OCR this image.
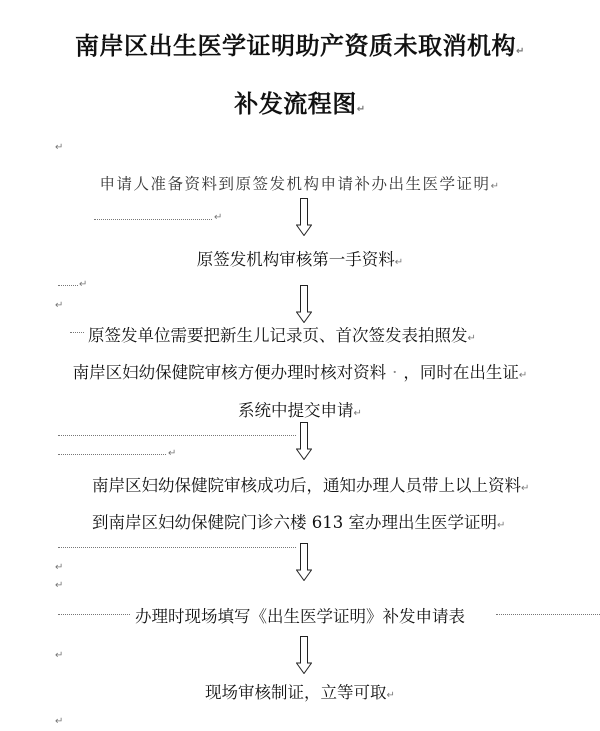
南岸区出生医学证明助产资质未取消机构↵
补发流程图↵
↵
申请人准备资料到原签发机构申请补办出生医学证明↵
↵
原签发机构审核第一手资料↵
↵
↵
原签发单位需要把新生儿记录页、首次签发表拍照发↵
南岸区妇幼保健院审核方便办理时核对资料 · ，同时在出生证↵
系统中提交申请↵
↵
南岸区妇幼保健院审核成功后，通知办理人员带上以上资料↵
到南岸区妇幼保健院门诊六楼 613 室办理出生医学证明↵
↵
↵
办理时现场填写《出生医学证明》补发申请表
↵
现场审核制证，立等可取↵
↵
